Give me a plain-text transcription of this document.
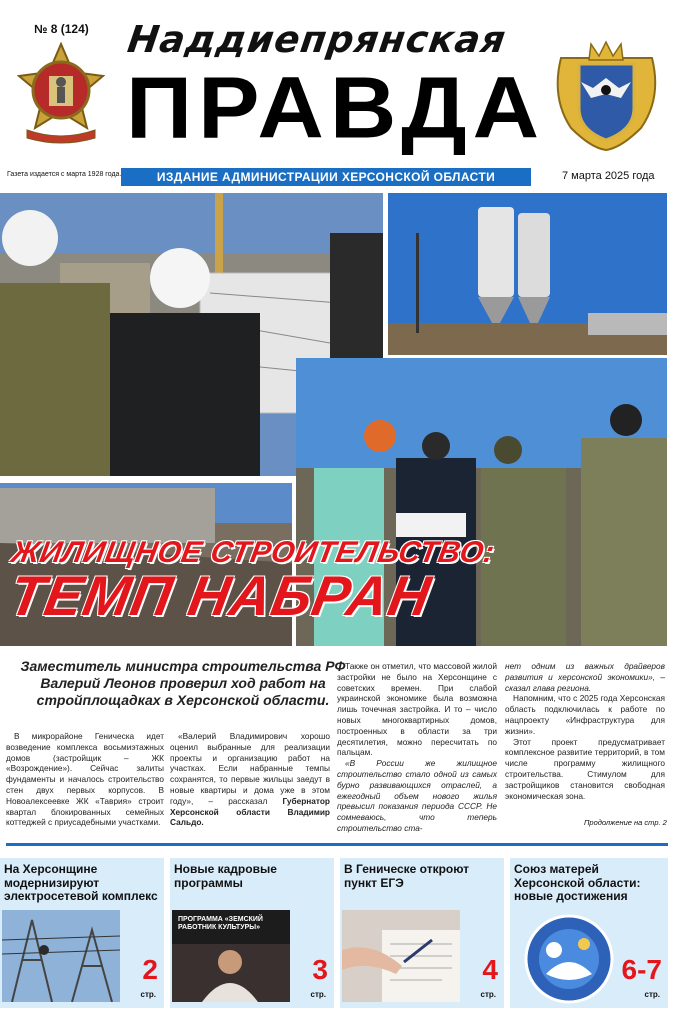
№ 8 (124) Наддиепрянская
ПРАВДА
Газета издается с марта 1928 года.	ИЗДАНИЕ АДМИНИСТРАЦИИ ХЕРСОНСКОЙ ОБЛАСТИ	7 марта 2025 года
ЖИЛИЩНОЕ СТРОИТЕЛЬСТВО:
ТЕМП НАБРАН
Заместитель министра строительства РФ Валерий Леонов проверил ход работ на стройплощадках в Херсонской области.

В микрорайоне Геническа идет возведение комплекса восьмиэтажных домов (застройщик – ЖК «Возрождение»). Сейчас залиты фундаменты и началось строительство стен двух первых корпусов. В Новоалексеевке ЖК «Таврия» строит квартал блокированных семейных коттеджей с приусадебными участками.

«Валерий Владимирович хорошо оценил выбранные для реализации проекты и организацию работ на участках. Если набранные темпы сохранятся, то первые жильцы заедут в новые квартиры и дома уже в этом году», – рассказал Губернатор Херсонской области Владимир Сальдо.

Также он отметил, что массовой жилой застройки не было на Херсонщине с советских времен. При слабой украинской экономике была возможна лишь точечная застройка. И то – число новых многоквартирных домов, построенных в области за три десятилетия, можно пересчитать по пальцам.

«В России же жилищное строительство стало одной из самых бурно развивающихся отраслей, а ежегодный объем нового жилья превысил показания периода СССР. Не сомневаюсь, что теперь строительство ста-

нет одним из важных драйверов развития и херсонской экономики», – сказал глава региона.

Напомним, что с 2025 года Херсонская область подключилась к работе по нацпроекту «Инфраструктура для жизни».

Этот проект предусматривает комплексное развитие территорий, в том числе программу жилищного строительства. Стимулом для застройщиков становится свободная экономическая зона.

Продолжение на стр. 2
На Херсонщине модернизируют электросетевой комплекс
2
стр.
Новые кадровые программы
ПРОГРАММА «ЗЕМСКИЙ РАБОТНИК КУЛЬТУРЫ»
3
стр.
В Геническе откроют пункт ЕГЭ
4
стр.
Союз матерей Херсонской области: новые достижения
6-7
стр.
